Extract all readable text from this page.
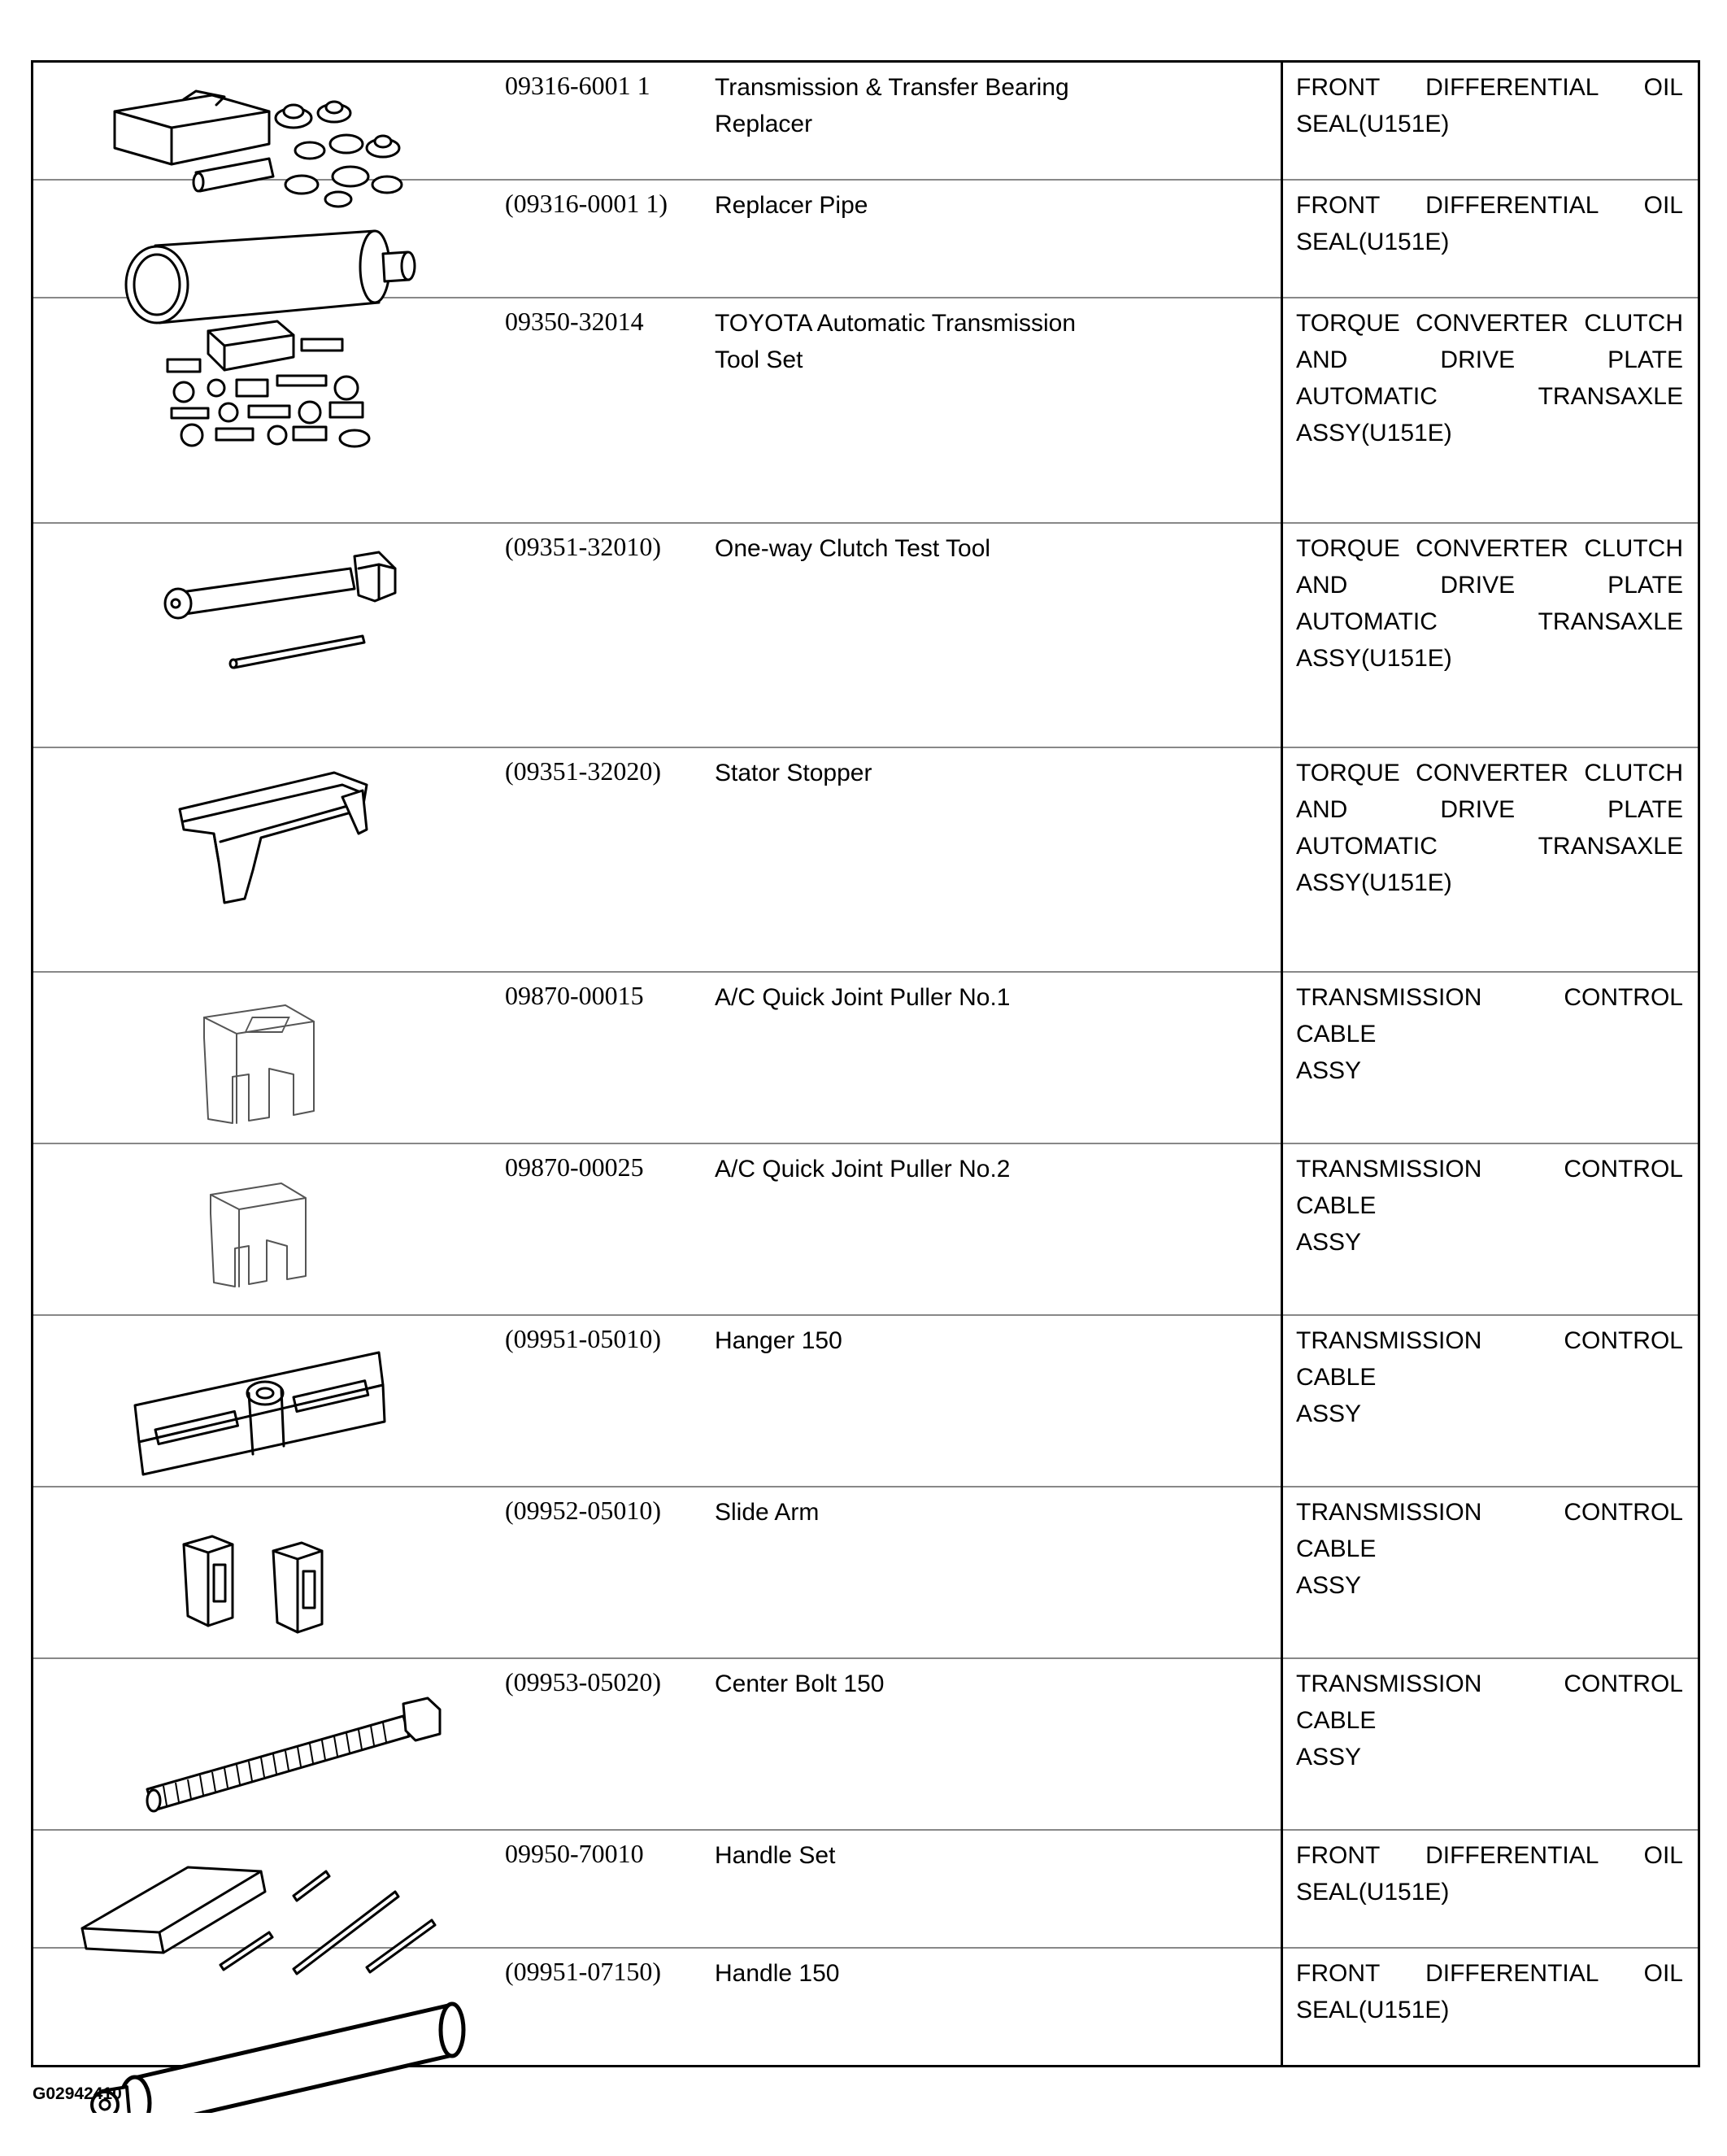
09316-6001 1	Transmission & Transfer Bearing
Replacer	FRONT DIFFERENTIAL OIL
SEAL(U151E)

(09316-0001 1)	Replacer Pipe	FRONT DIFFERENTIAL OIL
SEAL(U151E)

09350-32014	TOYOTA Automatic Transmission
Tool Set	TORQUE CONVERTER CLUTCH
AND DRIVE PLATE
AUTOMATIC TRANSAXLE
ASSY(U151E)

(09351-32010)	One-way Clutch Test Tool	TORQUE CONVERTER CLUTCH
AND DRIVE PLATE
AUTOMATIC TRANSAXLE
ASSY(U151E)

(09351-32020)	Stator Stopper	TORQUE CONVERTER CLUTCH
AND DRIVE PLATE
AUTOMATIC TRANSAXLE
ASSY(U151E)

09870-00015	A/C Quick Joint Puller No.1	TRANSMISSION CONTROL CABLE
ASSY

09870-00025	A/C Quick Joint Puller No.2	TRANSMISSION CONTROL CABLE
ASSY

(09951-05010)	Hanger 150	TRANSMISSION CONTROL CABLE
ASSY

(09952-05010)	Slide Arm	TRANSMISSION CONTROL CABLE
ASSY

(09953-05020)	Center Bolt 150	TRANSMISSION CONTROL CABLE
ASSY

09950-70010	Handle Set	FRONT DIFFERENTIAL OIL
SEAL(U151E)

(09951-07150)	Handle 150	FRONT DIFFERENTIAL OIL
SEAL(U151E)
G02942410
